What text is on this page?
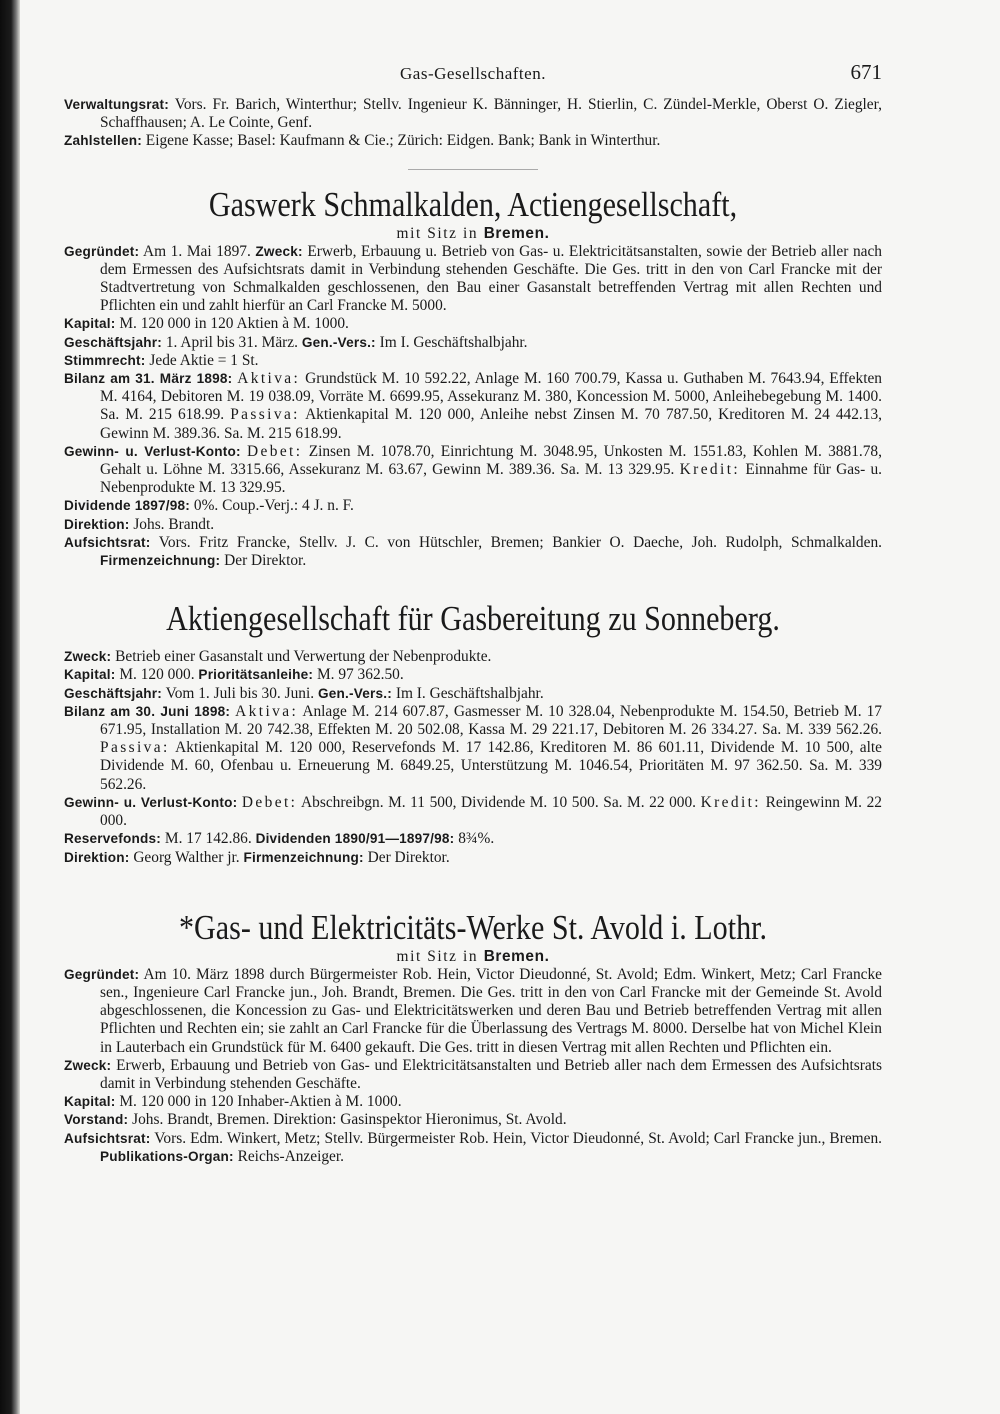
Gas-Gesellschaften.	671

Verwaltungsrat: Vors. Fr. Barich, Winterthur; Stellv. Ingenieur K. Bänninger, H. Stierlin, C. Zündel-Merkle, Oberst O. Ziegler, Schaffhausen; A. Le Cointe, Genf.

Zahlstellen: Eigene Kasse; Basel: Kaufmann & Cie.; Zürich: Eidgen. Bank; Bank in Winterthur.

Gaswerk Schmalkalden, Actiengesellschaft,
mit Sitz in Bremen.

Gegründet: Am 1. Mai 1897. Zweck: Erwerb, Erbauung u. Betrieb von Gas- u. Elektricitätsanstalten, sowie der Betrieb aller nach dem Ermessen des Aufsichtsrats damit in Verbindung stehenden Geschäfte. Die Ges. tritt in den von Carl Francke mit der Stadtvertretung von Schmalkalden geschlossenen, den Bau einer Gasanstalt betreffenden Vertrag mit allen Rechten und Pflichten ein und zahlt hierfür an Carl Francke M. 5000.

Kapital: M. 120 000 in 120 Aktien à M. 1000.

Geschäftsjahr: 1. April bis 31. März. Gen.-Vers.: Im I. Geschäftshalbjahr.

Stimmrecht: Jede Aktie = 1 St.

Bilanz am 31. März 1898: Aktiva: Grundstück M. 10 592.22, Anlage M. 160 700.79, Kassa u. Guthaben M. 7643.94, Effekten M. 4164, Debitoren M. 19 038.09, Vorräte M. 6699.95, Assekuranz M. 380, Koncession M. 5000, Anleihebegebung M. 1400. Sa. M. 215 618.99. Passiva: Aktienkapital M. 120 000, Anleihe nebst Zinsen M. 70 787.50, Kreditoren M. 24 442.13, Gewinn M. 389.36. Sa. M. 215 618.99.

Gewinn- u. Verlust-Konto: Debet: Zinsen M. 1078.70, Einrichtung M. 3048.95, Unkosten M. 1551.83, Kohlen M. 3881.78, Gehalt u. Löhne M. 3315.66, Assekuranz M. 63.67, Gewinn M. 389.36. Sa. M. 13 329.95. Kredit: Einnahme für Gas- u. Nebenprodukte M. 13 329.95.

Dividende 1897/98: 0%. Coup.-Verj.: 4 J. n. F.

Direktion: Johs. Brandt.

Aufsichtsrat: Vors. Fritz Francke, Stellv. J. C. von Hütschler, Bremen; Bankier O. Daeche, Joh. Rudolph, Schmalkalden. Firmenzeichnung: Der Direktor.

Aktiengesellschaft für Gasbereitung zu Sonneberg.

Zweck: Betrieb einer Gasanstalt und Verwertung der Nebenprodukte.

Kapital: M. 120 000. Prioritätsanleihe: M. 97 362.50.

Geschäftsjahr: Vom 1. Juli bis 30. Juni. Gen.-Vers.: Im I. Geschäftshalbjahr.

Bilanz am 30. Juni 1898: Aktiva: Anlage M. 214 607.87, Gasmesser M. 10 328.04, Nebenprodukte M. 154.50, Betrieb M. 17 671.95, Installation M. 20 742.38, Effekten M. 20 502.08, Kassa M. 29 221.17, Debitoren M. 26 334.27. Sa. M. 339 562.26. Passiva: Aktienkapital M. 120 000, Reservefonds M. 17 142.86, Kreditoren M. 86 601.11, Dividende M. 10 500, alte Dividende M. 60, Ofenbau u. Erneuerung M. 6849.25, Unterstützung M. 1046.54, Prioritäten M. 97 362.50. Sa. M. 339 562.26.

Gewinn- u. Verlust-Konto: Debet: Abschreibgn. M. 11 500, Dividende M. 10 500. Sa. M. 22 000. Kredit: Reingewinn M. 22 000.

Reservefonds: M. 17 142.86. Dividenden 1890/91—1897/98: 8¾%.

Direktion: Georg Walther jr. Firmenzeichnung: Der Direktor.

*Gas- und Elektricitäts-Werke St. Avold i. Lothr.
mit Sitz in Bremen.

Gegründet: Am 10. März 1898 durch Bürgermeister Rob. Hein, Victor Dieudonné, St. Avold; Edm. Winkert, Metz; Carl Francke sen., Ingenieure Carl Francke jun., Joh. Brandt, Bremen. Die Ges. tritt in den von Carl Francke mit der Gemeinde St. Avold abgeschlossenen, die Koncession zu Gas- und Elektricitätswerken und deren Bau und Betrieb betreffenden Vertrag mit allen Pflichten und Rechten ein; sie zahlt an Carl Francke für die Überlassung des Vertrags M. 8000. Derselbe hat von Michel Klein in Lauterbach ein Grundstück für M. 6400 gekauft. Die Ges. tritt in diesen Vertrag mit allen Rechten und Pflichten ein.

Zweck: Erwerb, Erbauung und Betrieb von Gas- und Elektricitätsanstalten und Betrieb aller nach dem Ermessen des Aufsichtsrats damit in Verbindung stehenden Geschäfte.

Kapital: M. 120 000 in 120 Inhaber-Aktien à M. 1000.

Vorstand: Johs. Brandt, Bremen. Direktion: Gasinspektor Hieronimus, St. Avold.

Aufsichtsrat: Vors. Edm. Winkert, Metz; Stellv. Bürgermeister Rob. Hein, Victor Dieudonné, St. Avold; Carl Francke jun., Bremen. Publikations-Organ: Reichs-Anzeiger.
